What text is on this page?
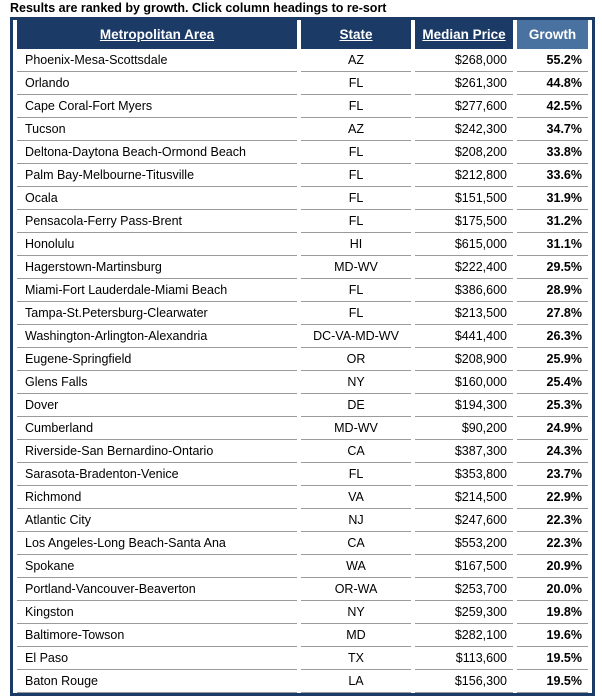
Results are ranked by growth. Click column headings to re-sort
Metropolitan Area	State	Median Price	Growth
Phoenix-Mesa-Scottsdale	AZ	$268,000	55.2%
Orlando	FL	$261,300	44.8%
Cape Coral-Fort Myers	FL	$277,600	42.5%
Tucson	AZ	$242,300	34.7%
Deltona-Daytona Beach-Ormond Beach	FL	$208,200	33.8%
Palm Bay-Melbourne-Titusville	FL	$212,800	33.6%
Ocala	FL	$151,500	31.9%
Pensacola-Ferry Pass-Brent	FL	$175,500	31.2%
Honolulu	HI	$615,000	31.1%
Hagerstown-Martinsburg	MD-WV	$222,400	29.5%
Miami-Fort Lauderdale-Miami Beach	FL	$386,600	28.9%
Tampa-St.Petersburg-Clearwater	FL	$213,500	27.8%
Washington-Arlington-Alexandria	DC-VA-MD-WV	$441,400	26.3%
Eugene-Springfield	OR	$208,900	25.9%
Glens Falls	NY	$160,000	25.4%
Dover	DE	$194,300	25.3%
Cumberland	MD-WV	$90,200	24.9%
Riverside-San Bernardino-Ontario	CA	$387,300	24.3%
Sarasota-Bradenton-Venice	FL	$353,800	23.7%
Richmond	VA	$214,500	22.9%
Atlantic City	NJ	$247,600	22.3%
Los Angeles-Long Beach-Santa Ana	CA	$553,200	22.3%
Spokane	WA	$167,500	20.9%
Portland-Vancouver-Beaverton	OR-WA	$253,700	20.0%
Kingston	NY	$259,300	19.8%
Baltimore-Towson	MD	$282,100	19.6%
El Paso	TX	$113,600	19.5%
Baton Rouge	LA	$156,300	19.5%
